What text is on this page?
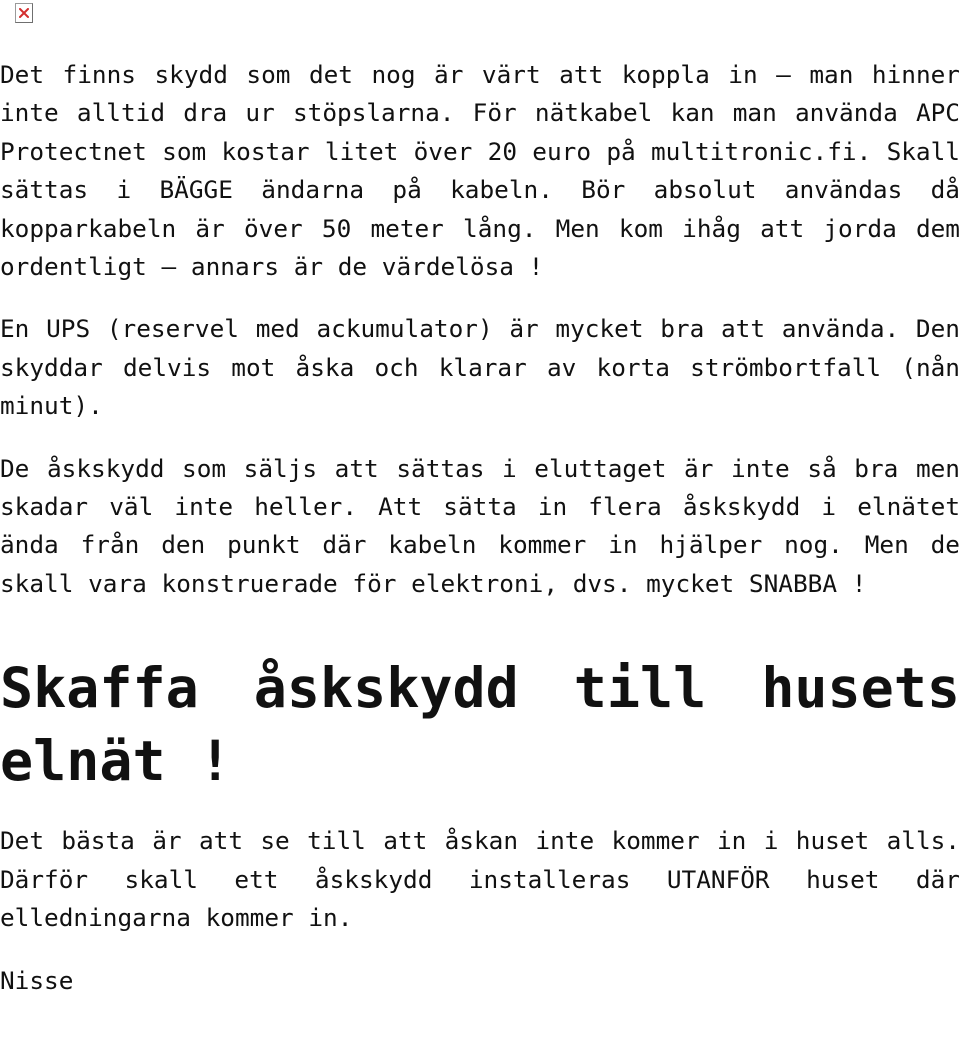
Det finns skydd som det nog är värt att koppla in – man hinner inte alltid dra ur stöpslarna. För nätkabel kan man använda APC Protectnet som kostar litet över 20 euro på multitronic.fi. Skall sättas i BÄGGE ändarna på kabeln. Bör absolut användas då kopparkabeln är över 50 meter lång. Men kom ihåg att jorda dem ordentligt – annars är de värdelösa !

En UPS (reservel med ackumulator) är mycket bra att använda. Den skyddar delvis mot åska och klarar av korta strömbortfall (nån minut).

De åskskydd som säljs att sättas i eluttaget är inte så bra men skadar väl inte heller. Att sätta in flera åskskydd i elnätet ända från den punkt där kabeln kommer in hjälper nog. Men de skall vara konstruerade för elektroni, dvs. mycket SNABBA !

Skaffa åskskydd till husets elnät !

Det bästa är att se till att åskan inte kommer in i huset alls. Därför skall ett åskskydd installeras UTANFÖR huset där elledningarna kommer in.

Nisse
